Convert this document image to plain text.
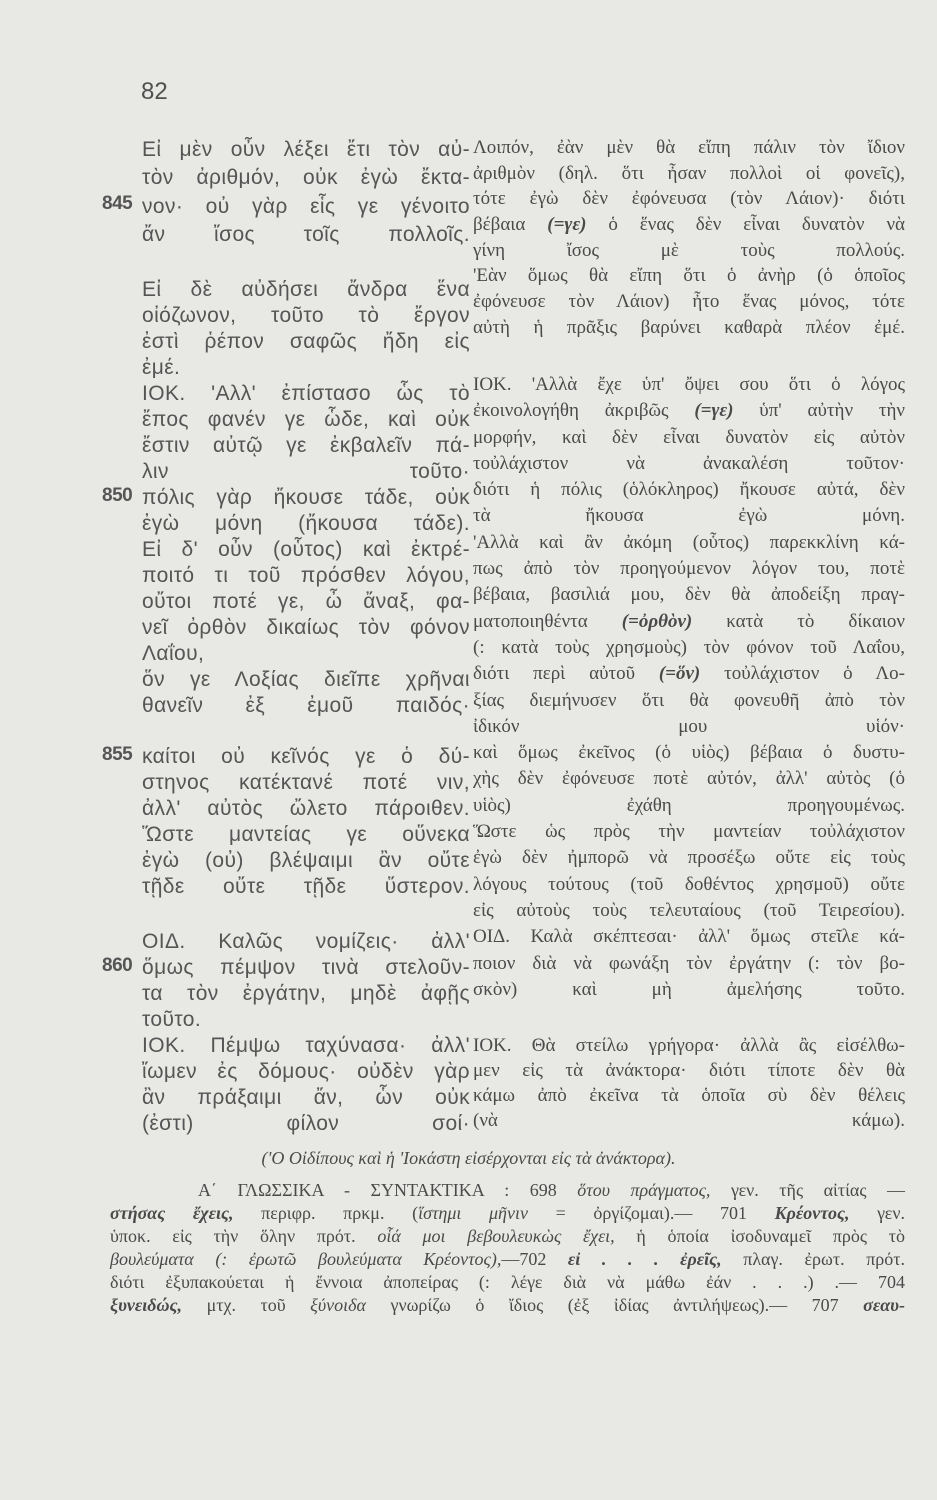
82
Εἰ μὲν οὖν λέξει ἔτι τὸν αὐ-
τὸν ἀριθμόν, οὐκ ἐγὼ ἔκτα-
845 νον· οὐ γὰρ εἷς γε γένοιτο
ἄν ἴσος τοῖς πολλοῖς.
Εἰ δὲ αὐδήσει ἄνδρα ἕνα
οἰόζωνον, τοῦτο τὸ ἔργον
ἐστὶ ῥέπον σαφῶς ἤδη εἰς
ἐμέ.
ΙΟΚ. 'Αλλ' ἐπίστασο ὧς τὸ
ἔπος φανέν γε ὧδε, καὶ οὐκ
ἔστιν αὐτῷ γε ἐκβαλεῖν πά-
λιν τοῦτο·
850 πόλις γὰρ ἤκουσε τάδε, οὐκ
ἐγὼ μόνη (ἤκουσα τάδε).
Εἰ δ' οὖν (οὗτος) καὶ ἐκτρέ-
ποιτό τι τοῦ πρόσθεν λόγου,
οὔτοι ποτέ γε, ὦ ἄναξ, φα-
νεῖ ὀρθὸν δικαίως τὸν φόνον
Λαΐου,
ὅν γε Λοξίας διεῖπε χρῆναι
θανεῖν ἐξ ἐμοῦ παιδός·
855 καίτοι οὐ κεῖνός γε ὁ δύ-
στηνος κατέκτανέ ποτέ νιν,
ἀλλ' αὐτὸς ὤλετο πάροιθεν.
Ὥστε μαντείας γε οὕνεκα
ἐγὼ (οὐ) βλέψαιμι ἂν οὔτε
τῇδε οὔτε τῇδε ὕστερον.
ΟΙΔ. Καλῶς νομίζεις· ἀλλ'
860 ὅμως πέμψον τινὰ στελοῦν-
τα τὸν ἐργάτην, μηδὲ ἀφῇς
τοῦτο.
ΙΟΚ. Πέμψω ταχύνασα· ἀλλ'
ἴωμεν ἐς δόμους· οὐδὲν γὰρ
ἂν πράξαιμι ἄν, ὧν οὐκ
(ἐστι) φίλον σοί·
Λοιπόν, ἐὰν μὲν θὰ εἴπη πάλιν τὸν ἴδιον
ἀριθμὸν (δηλ. ὅτι ἦσαν πολλοὶ οἱ φονεῖς),
τότε ἐγὼ δὲν ἐφόνευσα (τὸν Λάιον)· διότι
βέβαια (=γε) ὁ ἕνας δὲν εἶναι δυνατὸν νὰ
γίνη ἴσος μὲ τοὺς πολλούς.
'Εὰν ὅμως θὰ εἴπη ὅτι ὁ ἀνὴρ (ὁ ὁποῖος
ἐφόνευσε τὸν Λάιον) ἦτο ἕνας μόνος, τότε
αὐτὴ ἡ πρᾶξις βαρύνει καθαρὰ πλέον ἐμέ.
ΙΟΚ. 'Αλλὰ ἔχε ὑπ' ὄψει σου ὅτι ὁ λόγος
ἐκοινολογήθη ἀκριβῶς (=γε) ὑπ' αὐτὴν τὴν
μορφήν, καὶ δὲν εἶναι δυνατὸν εἰς αὐτὸν
τοὐλάχιστον νὰ ἀνακαλέση τοῦτον·
διότι ἡ πόλις (ὁλόκληρος) ἤκουσε αὐτά, δὲν
τὰ ἤκουσα ἐγὼ μόνη.
'Αλλὰ καὶ ἂν ἀκόμη (οὗτος) παρεκκλίνη κά-
πως ἀπὸ τὸν προηγούμενον λόγον του, ποτὲ
βέβαια, βασιλιά μου, δὲν θὰ ἀποδείξη πραγ-
ματοποιηθέντα (=ὀρθὸν) κατὰ τὸ δίκαιον
(: κατὰ τοὺς χρησμοὺς) τὸν φόνον τοῦ Λαΐου,
διότι περὶ αὐτοῦ (=ὅν) τοὐλάχιστον ὁ Λο-
ξίας διεμήνυσεν ὅτι θὰ φονευθῆ ἀπὸ τὸν
ἰδικόν μου υἱόν·
καὶ ὅμως ἐκεῖνος (ὁ υἱὸς) βέβαια ὁ δυστυ-
χὴς δὲν ἐφόνευσε ποτὲ αὐτόν, ἀλλ' αὐτὸς (ὁ
υἱὸς) ἐχάθη προηγουμένως.
Ὥστε ὡς πρὸς τὴν μαντείαν τοὐλάχιστον
ἐγὼ δὲν ἠμπορῶ νὰ προσέξω οὔτε εἰς τοὺς
λόγους τούτους (τοῦ δοθέντος χρησμοῦ) οὔτε
εἰς αὐτοὺς τοὺς τελευταίους (τοῦ Τειρεσίου).
ΟΙΔ. Καλὰ σκέπτεσαι· ἀλλ' ὅμως στεῖλε κά-
ποιον διὰ νὰ φωνάξη τὸν ἐργάτην (: τὸν βο-
σκὸν) καὶ μὴ ἀμελήσης τοῦτο.
ΙΟΚ. Θὰ στείλω γρήγορα· ἀλλὰ ἂς εἰσέλθω-
μεν εἰς τὰ ἀνάκτορα· διότι τίποτε δὲν θὰ
κάμω ἀπὸ ἐκεῖνα τὰ ὁποῖα σὺ δὲν θέλεις
(νὰ κάμω).
('Ο Οἰδίπους καὶ ἡ 'Ιοκάστη εἰσέρχονται εἰς τὰ ἀνάκτορα).
Α΄ ΓΛΩΣΣΙΚΑ - ΣΥΝΤΑΚΤΙΚΑ : 698 ὅτου πράγματος, γεν. τῆς αἰτίας —
στήσας ἔχεις, περιφρ. πρκμ. (ἵστημι μῆνιν = ὀργίζομαι).— 701 Κρέοντος, γεν.
ὑποκ. εἰς τὴν ὅλην πρότ. οἷά μοι βεβουλευκὼς ἔχει, ἡ ὁποία ἰσοδυναμεῖ πρὸς τὸ
βουλεύματα (: ἐρωτῶ βουλεύματα Κρέοντος),—702 εἰ . . . ἐρεῖς, πλαγ. ἐρωτ. πρότ.
διότι ἐξυπακούεται ἡ ἔννοια ἀποπείρας (: λέγε διὰ νὰ μάθω ἐάν . . .) .— 704
ξυνειδώς, μτχ. τοῦ ξύνοιδα γνωρίζω ὁ ἴδιος (ἐξ ἰδίας ἀντιλήψεως).— 707 σεαυ-
